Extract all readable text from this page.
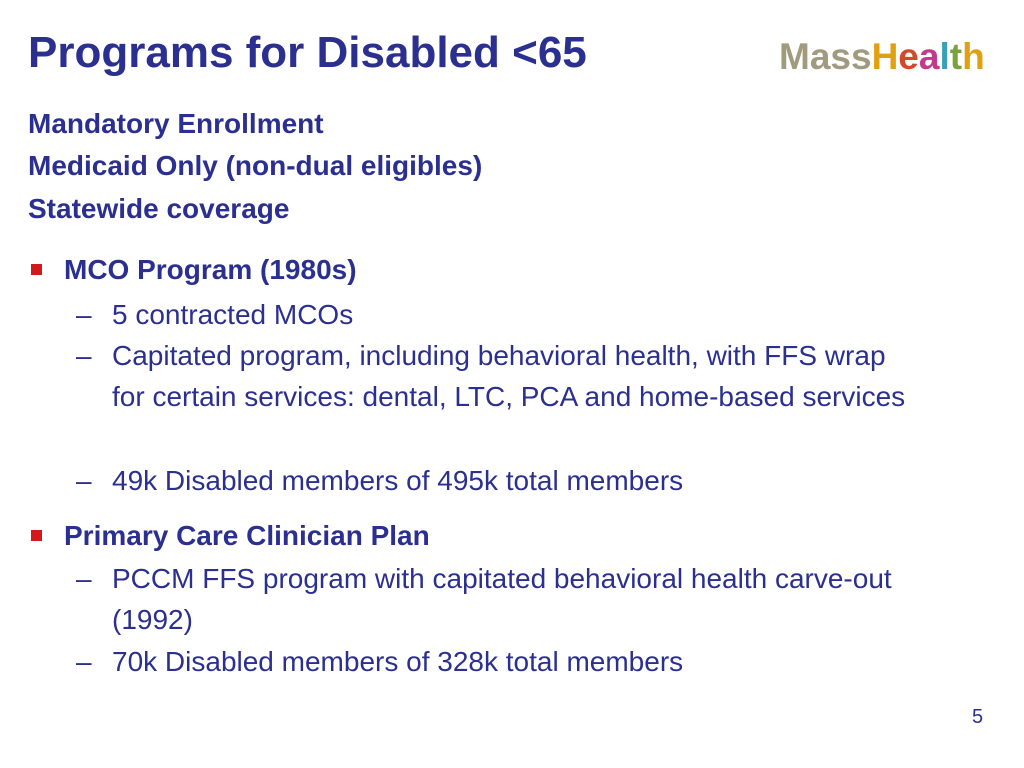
Programs for Disabled <65	MassHealth
Mandatory Enrollment
Medicaid Only (non-dual eligibles)
Statewide coverage
MCO Program (1980s)
– 5 contracted MCOs
– Capitated program, including behavioral health, with FFS wrap for certain services: dental, LTC, PCA and home-based services
– 49k Disabled members of 495k total members
Primary Care Clinician Plan
– PCCM FFS program with capitated behavioral health carve-out (1992)
– 70k Disabled members of 328k total members
5
